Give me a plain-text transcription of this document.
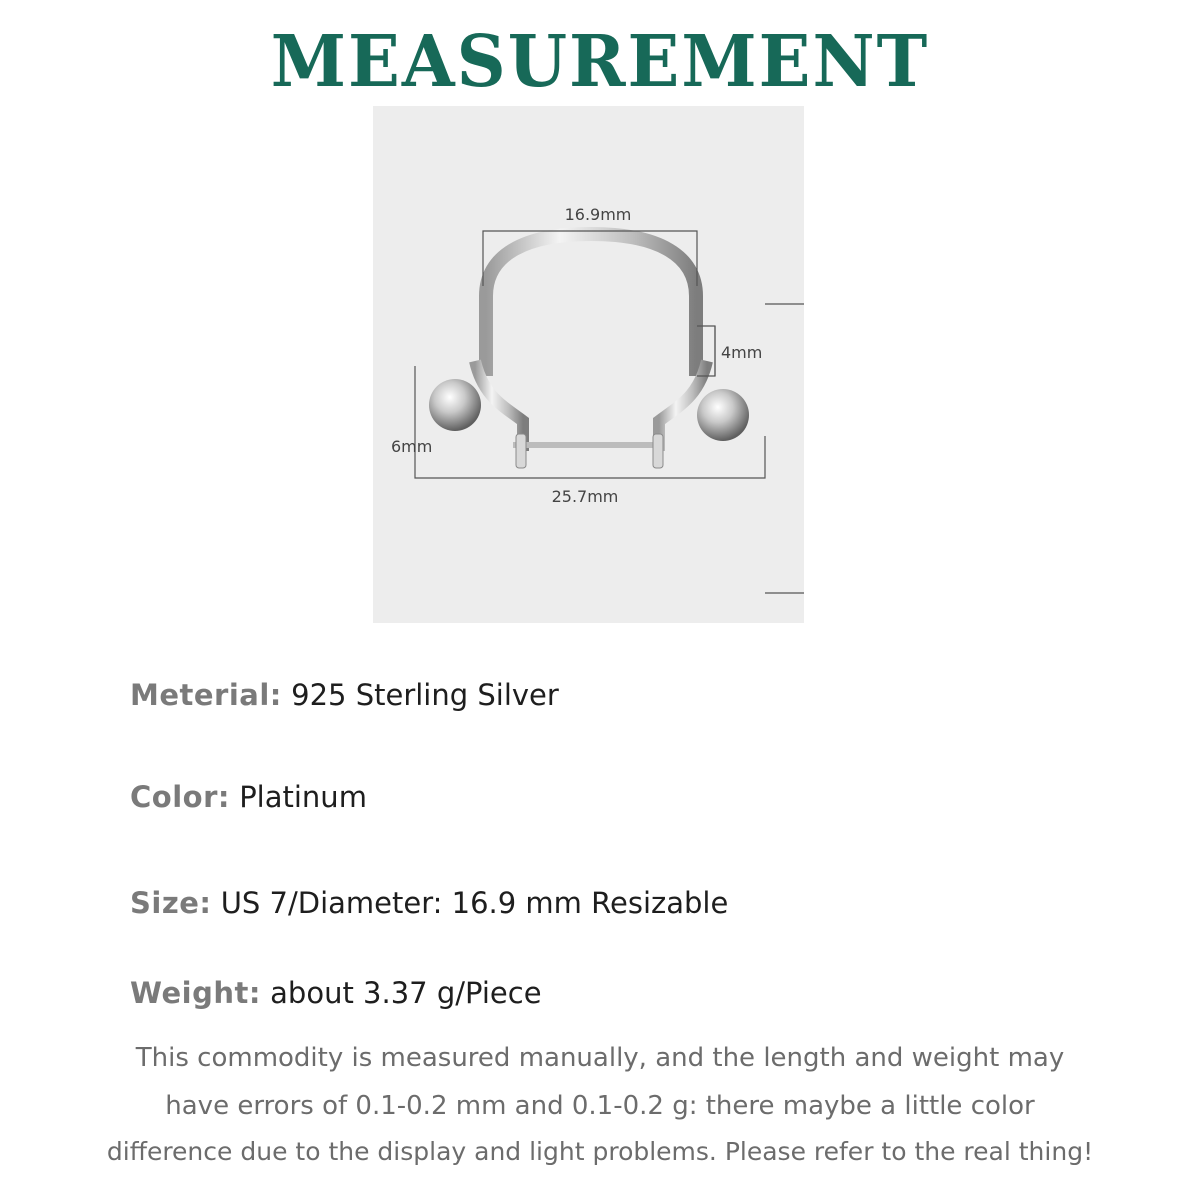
MEASUREMENT
16.9mm
4mm
6mm
25.7mm
Meterial: 925 Sterling Silver
Color: Platinum
Size: US 7/Diameter: 16.9 mm Resizable
Weight: about 3.37 g/Piece
This commodity is measured manually, and the length and weight may
have errors of 0.1-0.2 mm and 0.1-0.2 g: there maybe a little color
difference due to the display and light problems. Please refer to the real thing!
